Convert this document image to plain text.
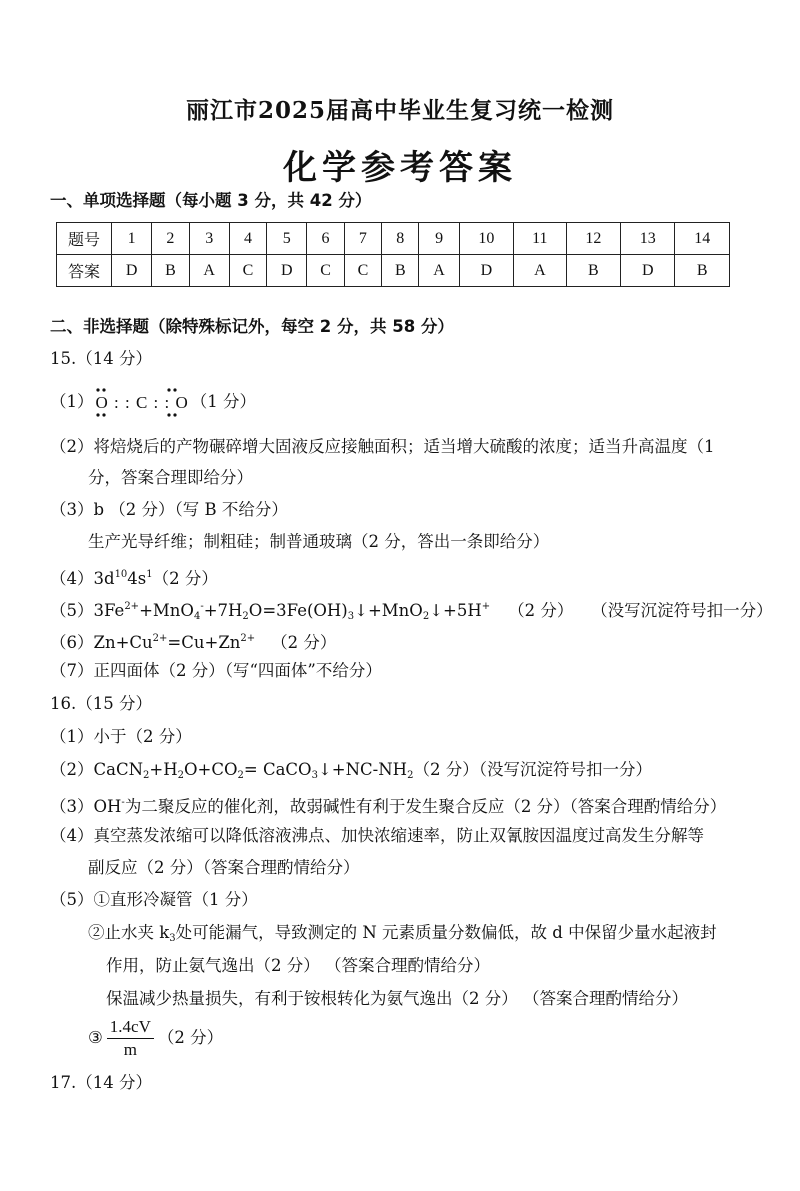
丽江市2025届高中毕业生复习统一检测
化学参考答案
一、单项选择题（每小题 3 分，共 42 分）
题号	1	2	3	4	5	6	7	8	9	10	11	12	13	14
答案	D	B	A	C	D	C	C	B	A	D	A	B	D	B
二、非选择题（除特殊标记外，每空 2 分，共 58 分）
15.（14 分）
（1） O : : C : : O （1 分）
（2）将焙烧后的产物碾碎增大固液反应接触面积；适当增大硫酸的浓度；适当升高温度（1
分，答案合理即给分）
（3）b （2 分）（写 B 不给分）
生产光导纤维；制粗硅；制普通玻璃（2 分，答出一条即给分）
$(4)3d^{10}4s^1(2$ 分）
$(5)3Fe^{2+}+MnO_4^-+7H_2O=3Fe(OH)_3↓+MnO_2↓+5H^+$ （2 分） （没写沉淀符号扣一分）
$(6)Zn+Cu^{2+}=Cu+Zn^{2+}$ （2 分）
（7）正四面体（2 分）（写“四面体”不给分）
16.（15 分）
（1）小于（2 分）
$(2)CaCN_2+H_2O+CO_2=$ $CaCO_3↓+NC-NH_2(2$ 分）（没写沉淀符号扣一分）
（3）OH-为二聚反应的催化剂，故弱碱性有利于发生聚合反应（2 分）（答案合理酌情给分）
（4）真空蒸发浓缩可以降低溶液沸点、加快浓缩速率，防止双氰胺因温度过高发生分解等
副反应（2 分）（答案合理酌情给分）
（5）①直形冷凝管（1 分）
②止水夹 $k_3$处可能漏气，导致测定的 N 元素质量分数偏低，故 d 中保留少量水起液封
作用，防止氨气逸出（2 分） （答案合理酌情给分）
保温减少热量损失，有利于铵根转化为氨气逸出（2 分） （答案合理酌情给分）
③ $\frac{1.4cV}{m} (2$ 分）
17.（14 分）
